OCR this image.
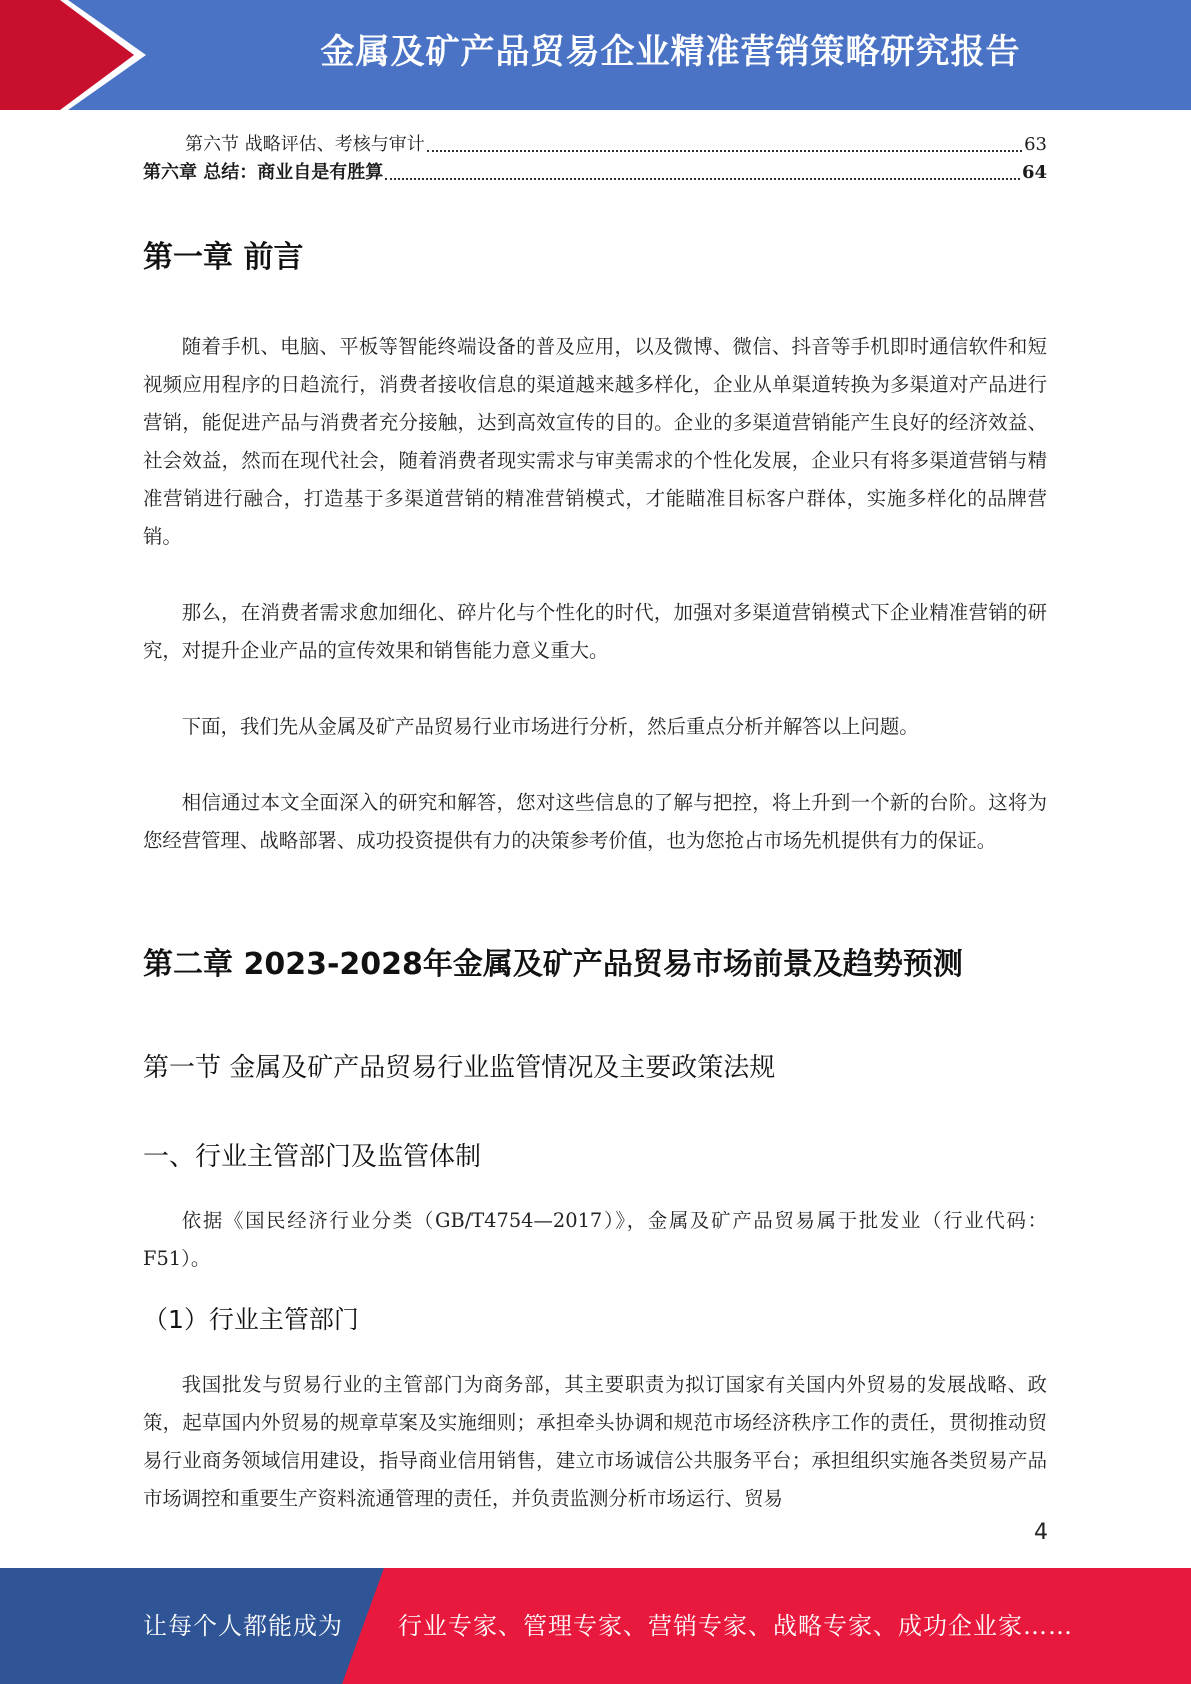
金属及矿产品贸易企业精准营销策略研究报告
第六节 战略评估、考核与审计	63
第六章 总结：商业自是有胜算	64
第一章 前言

随着手机、电脑、平板等智能终端设备的普及应用，以及微博、微信、抖音等手机即时通信软件和短视频应用程序的日趋流行，消费者接收信息的渠道越来越多样化，企业从单渠道转换为多渠道对产品进行营销，能促进产品与消费者充分接触，达到高效宣传的目的。企业的多渠道营销能产生良好的经济效益、社会效益，然而在现代社会，随着消费者现实需求与审美需求的个性化发展，企业只有将多渠道营销与精准营销进行融合，打造基于多渠道营销的精准营销模式，才能瞄准目标客户群体，实施多样化的品牌营销。

那么，在消费者需求愈加细化、碎片化与个性化的时代，加强对多渠道营销模式下企业精准营销的研究，对提升企业产品的宣传效果和销售能力意义重大。

下面，我们先从金属及矿产品贸易行业市场进行分析，然后重点分析并解答以上问题。

相信通过本文全面深入的研究和解答，您对这些信息的了解与把控，将上升到一个新的台阶。这将为您经营管理、战略部署、成功投资提供有力的决策参考价值，也为您抢占市场先机提供有力的保证。

第二章 2023-2028年金属及矿产品贸易市场前景及趋势预测
第一节 金属及矿产品贸易行业监管情况及主要政策法规
一、行业主管部门及监管体制

依据《国民经济行业分类（GB/T4754—2017）》，金属及矿产品贸易属于批发业（行业代码：F51）。

（1）行业主管部门

我国批发与贸易行业的主管部门为商务部，其主要职责为拟订国家有关国内外贸易的发展战略、政策，起草国内外贸易的规章草案及实施细则；承担牵头协调和规范市场经济秩序工作的责任，贯彻推动贸易行业商务领域信用建设，指导商业信用销售，建立市场诚信公共服务平台；承担组织实施各类贸易产品市场调控和重要生产资料流通管理的责任，并负责监测分析市场运行、贸易

4
让每个人都能成为 行业专家、管理专家、营销专家、战略专家、成功企业家……
